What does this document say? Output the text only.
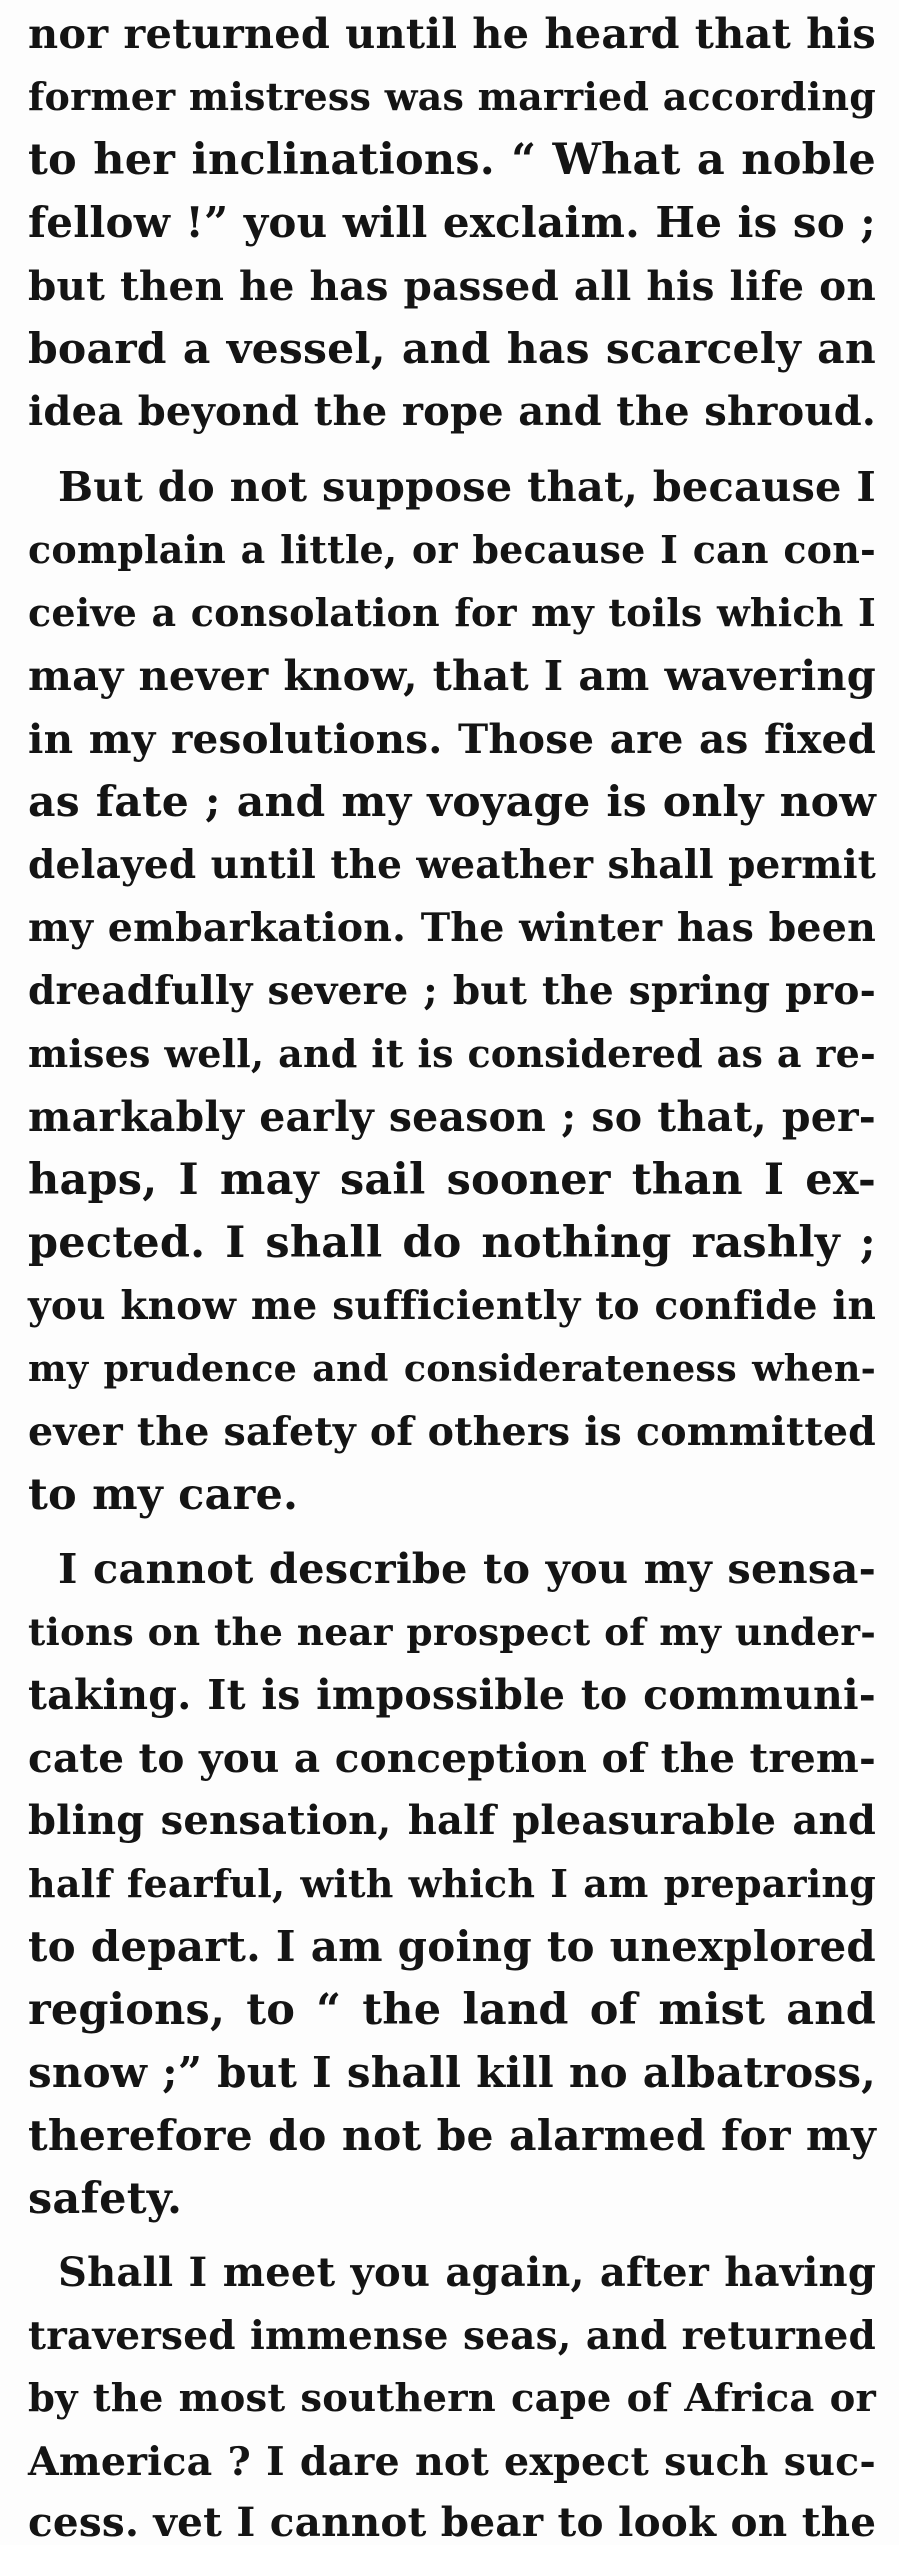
nor returned until he heard that his
former mistress was married according
to her inclinations. “ What a noble
fellow !” you will exclaim. He is so ;
but then he has passed all his life on
board a vessel, and has scarcely an
idea beyond the rope and the shroud.
But do not suppose that, because I
complain a little, or because I can con-
ceive a consolation for my toils which I
may never know, that I am wavering
in my resolutions. Those are as fixed
as fate ; and my voyage is only now
delayed until the weather shall permit
my embarkation. The winter has been
dreadfully severe ; but the spring pro-
mises well, and it is considered as a re-
markably early season ; so that, per-
haps, I may sail sooner than I ex-
pected. I shall do nothing rashly ;
you know me sufficiently to confide in
my prudence and considerateness when-
ever the safety of others is committed
to my care.
I cannot describe to you my sensa-
tions on the near prospect of my under-
taking. It is impossible to communi-
cate to you a conception of the trem-
bling sensation, half pleasurable and
half fearful, with which I am preparing
to depart. I am going to unexplored
regions, to “ the land of mist and
snow ;” but I shall kill no albatross,
therefore do not be alarmed for my
safety.
Shall I meet you again, after having
traversed immense seas, and returned
by the most southern cape of Africa or
America ? I dare not expect such suc-
cess. vet I cannot bear to look on the
